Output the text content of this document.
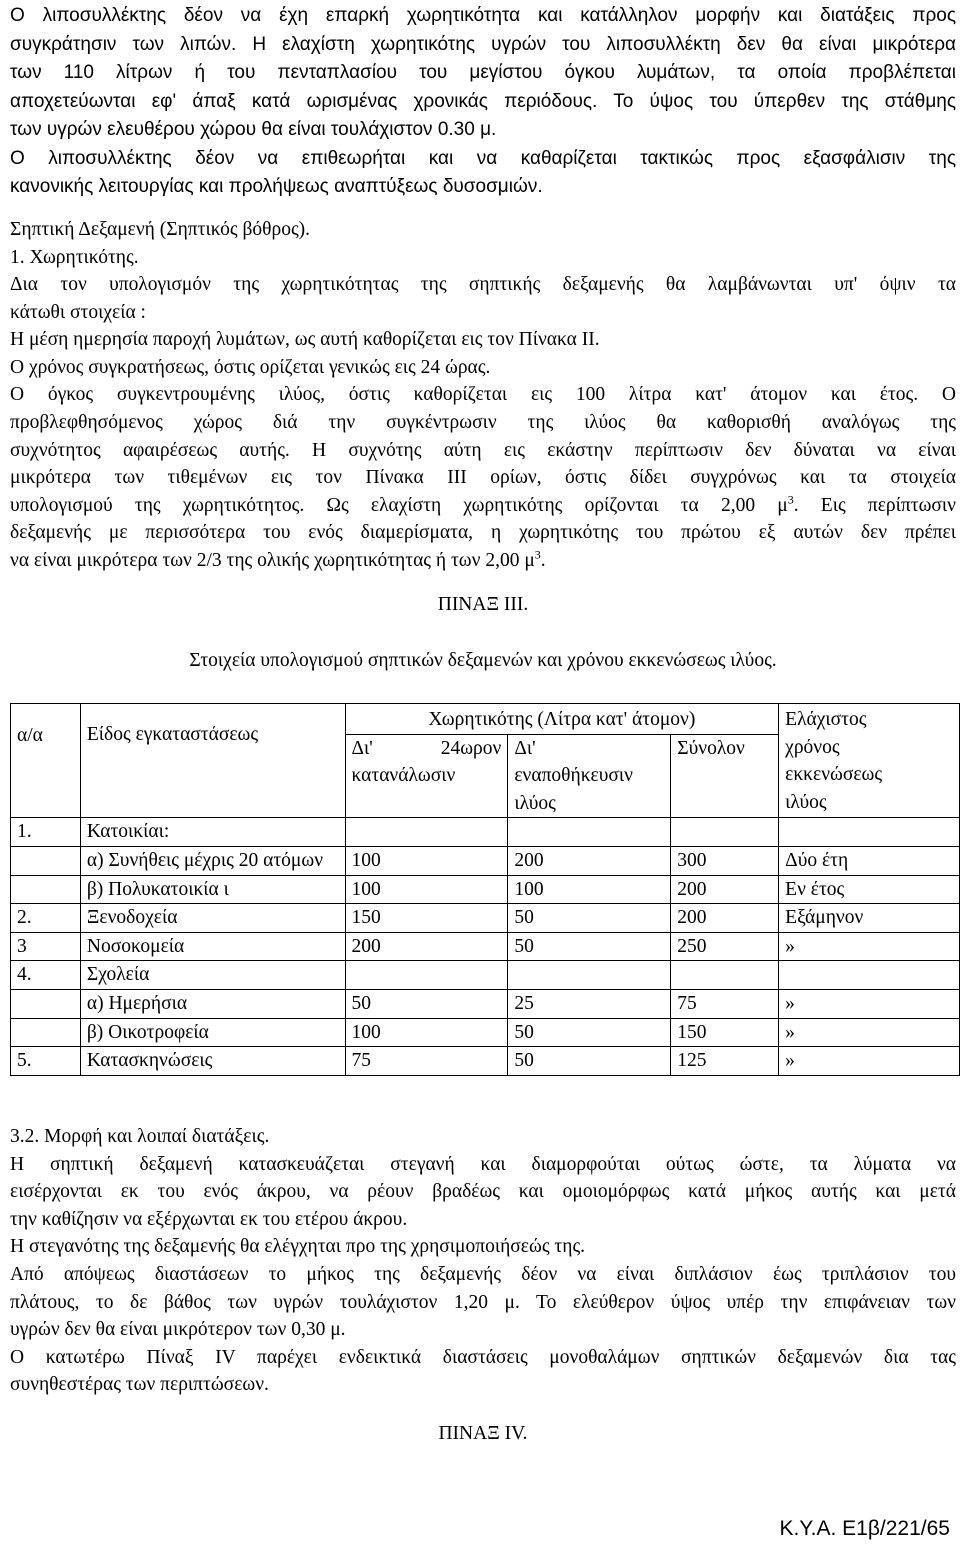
Ο λιποσυλλέκτης δέον να έχη επαρκή χωρητικότητα και κατάλληλον μορφήν και διατάξεις προς
συγκράτησιν των λιπών. Η ελαχίστη χωρητικότης υγρών του λιποσυλλέκτη δεν θα είναι μικρότερα
των 110 λίτρων ή του πενταπλασίου του μεγίστου όγκου λυμάτων, τα οποία προβλέπεται
αποχετεύωνται εφ' άπαξ κατά ωρισμένας χρονικάς περιόδους. Το ύψος του ύπερθεν της στάθμης
των υγρών ελευθέρου χώρου θα είναι τουλάχιστον 0.30 μ.
Ο λιποσυλλέκτης δέον να επιθεωρήται και να καθαρίζεται τακτικώς προς εξασφάλισιν της
κανονικής λειτουργίας και προλήψεως αναπτύξεως δυσοσμιών.
Σηπτική Δεξαμενή (Σηπτικός βόθρος).
1. Χωρητικότης.
Δια τον υπολογισμόν της χωρητικότητας της σηπτικής δεξαμενής θα λαμβάνωνται υπ' όψιν τα
κάτωθι στοιχεία :
Η μέση ημερησία παροχή λυμάτων, ως αυτή καθορίζεται εις τον Πίνακα ΙΙ.
Ο χρόνος συγκρατήσεως, όστις ορίζεται γενικώς εις 24 ώρας.
Ο όγκος συγκεντρουμένης ιλύος, όστις καθορίζεται εις 100 λίτρα κατ' άτομον και έτος. Ο
προβλεφθησόμενος χώρος διά την συγκέντρωσιν της ιλύος θα καθορισθή αναλόγως της
συχνότητος αφαιρέσεως αυτής. Η συχνότης αύτη εις εκάστην περίπτωσιν δεν δύναται να είναι
μικρότερα των τιθεμένων εις τον Πίνακα ΙΙΙ ορίων, όστις δίδει συγχρόνως και τα στοιχεία
υπολογισμού της χωρητικότητος. Ως ελαχίστη χωρητικότης ορίζονται τα 2,00 $\mu^3$. Εις περίπτωσιν
δεξαμενής με περισσότερα του ενός διαμερίσματα, η χωρητικότης του πρώτου εξ αυτών δεν πρέπει
να είναι μικρότερα των 2/3 της ολικής χωρητικότητας ή των 2,00 $\mu^3$.
ΠΙΝΑΞ ΙΙΙ.
Στοιχεία υπολογισμού σηπτικών δεξαμενών και χρόνου εκκενώσεως ιλύος.
α/α	Είδος εγκαταστάσεως	Χωρητικότης (Λίτρα κατ' άτομον)			Ελάχιστος
χρόνος
εκκενώσεως
ιλύος

		Δι' 24ωρον
κατανάλωσιν	Δι'
εναποθήκευσιν
ιλύος	Σύνολον	
1.	Κατοικίαι:				
	α) Συνήθεις μέχρις 20 ατόμων	100	200	300	Δύο έτη
	β) Πολυκατοικία ι	100	100	200	Εν έτος
2.	Ξενοδοχεία	150	50	200	Εξάμηνον
3	Νοσοκομεία	200	50	250	»
4.	Σχολεία				
	α) Ημερήσια	50	25	75	»
	β) Οικοτροφεία	100	50	150	»
5.	Κατασκηνώσεις	75	50	125	»
3.2. Μορφή και λοιπαί διατάξεις.
Η σηπτική δεξαμενή κατασκευάζεται στεγανή και διαμορφούται ούτως ώστε, τα λύματα να
εισέρχονται εκ του ενός άκρου, να ρέουν βραδέως και ομοιομόρφως κατά μήκος αυτής και μετά
την καθίζησιν να εξέρχωνται εκ του ετέρου άκρου.
Η στεγανότης της δεξαμενής θα ελέγχηται προ της χρησιμοποιήσεώς της.
Από απόψεως διαστάσεων το μήκος της δεξαμενής δέον να είναι διπλάσιον έως τριπλάσιον του
πλάτους, το δε βάθος των υγρών τουλάχιστον 1,20 μ. Το ελεύθερον ύψος υπέρ την επιφάνειαν των
υγρών δεν θα είναι μικρότερον των 0,30 μ.
Ο κατωτέρω Πίναξ ΙV παρέχει ενδεικτικά διαστάσεις μονοθαλάμων σηπτικών δεξαμενών δια τας
συνηθεστέρας των περιπτώσεων.
ΠΙΝΑΞ ΙV.
Κ.Υ.Α. Ε1β/221/65
